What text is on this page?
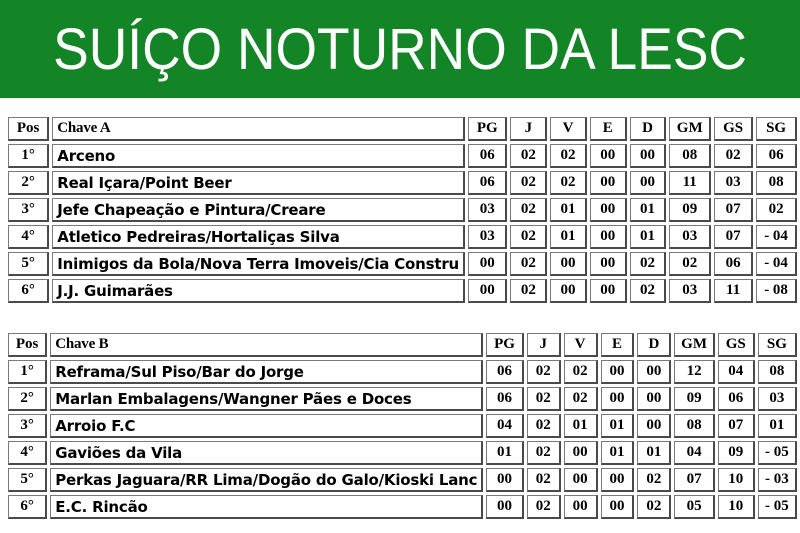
SUÍÇO NOTURNO DA LESC
Pos	Chave A	PG	J	V	E	D	GM	GS	SG
1°	Arceno	06	02	02	00	00	08	02	06
2°	Real Içara/Point Beer	06	02	02	00	00	11	03	08
3°	Jefe Chapeação e Pintura/Creare	03	02	01	00	01	09	07	02
4°	Atletico Pedreiras/Hortaliças Silva	03	02	01	00	01	03	07	- 04
5°	Inimigos da Bola/Nova Terra Imoveis/Cia Constru	00	02	00	00	02	02	06	- 04
6°	J.J. Guimarães	00	02	00	00	02	03	11	- 08
Pos	Chave B	PG	J	V	E	D	GM	GS	SG
1°	Reframa/Sul Piso/Bar do Jorge	06	02	02	00	00	12	04	08
2°	Marlan Embalagens/Wangner Pães e Doces	06	02	02	00	00	09	06	03
3°	Arroio F.C	04	02	01	01	00	08	07	01
4°	Gaviões da Vila	01	02	00	01	01	04	09	- 05
5°	Perkas Jaguara/RR Lima/Dogão do Galo/Kioski Lanc	00	02	00	00	02	07	10	- 03
6°	E.C. Rincão	00	02	00	00	02	05	10	- 05
